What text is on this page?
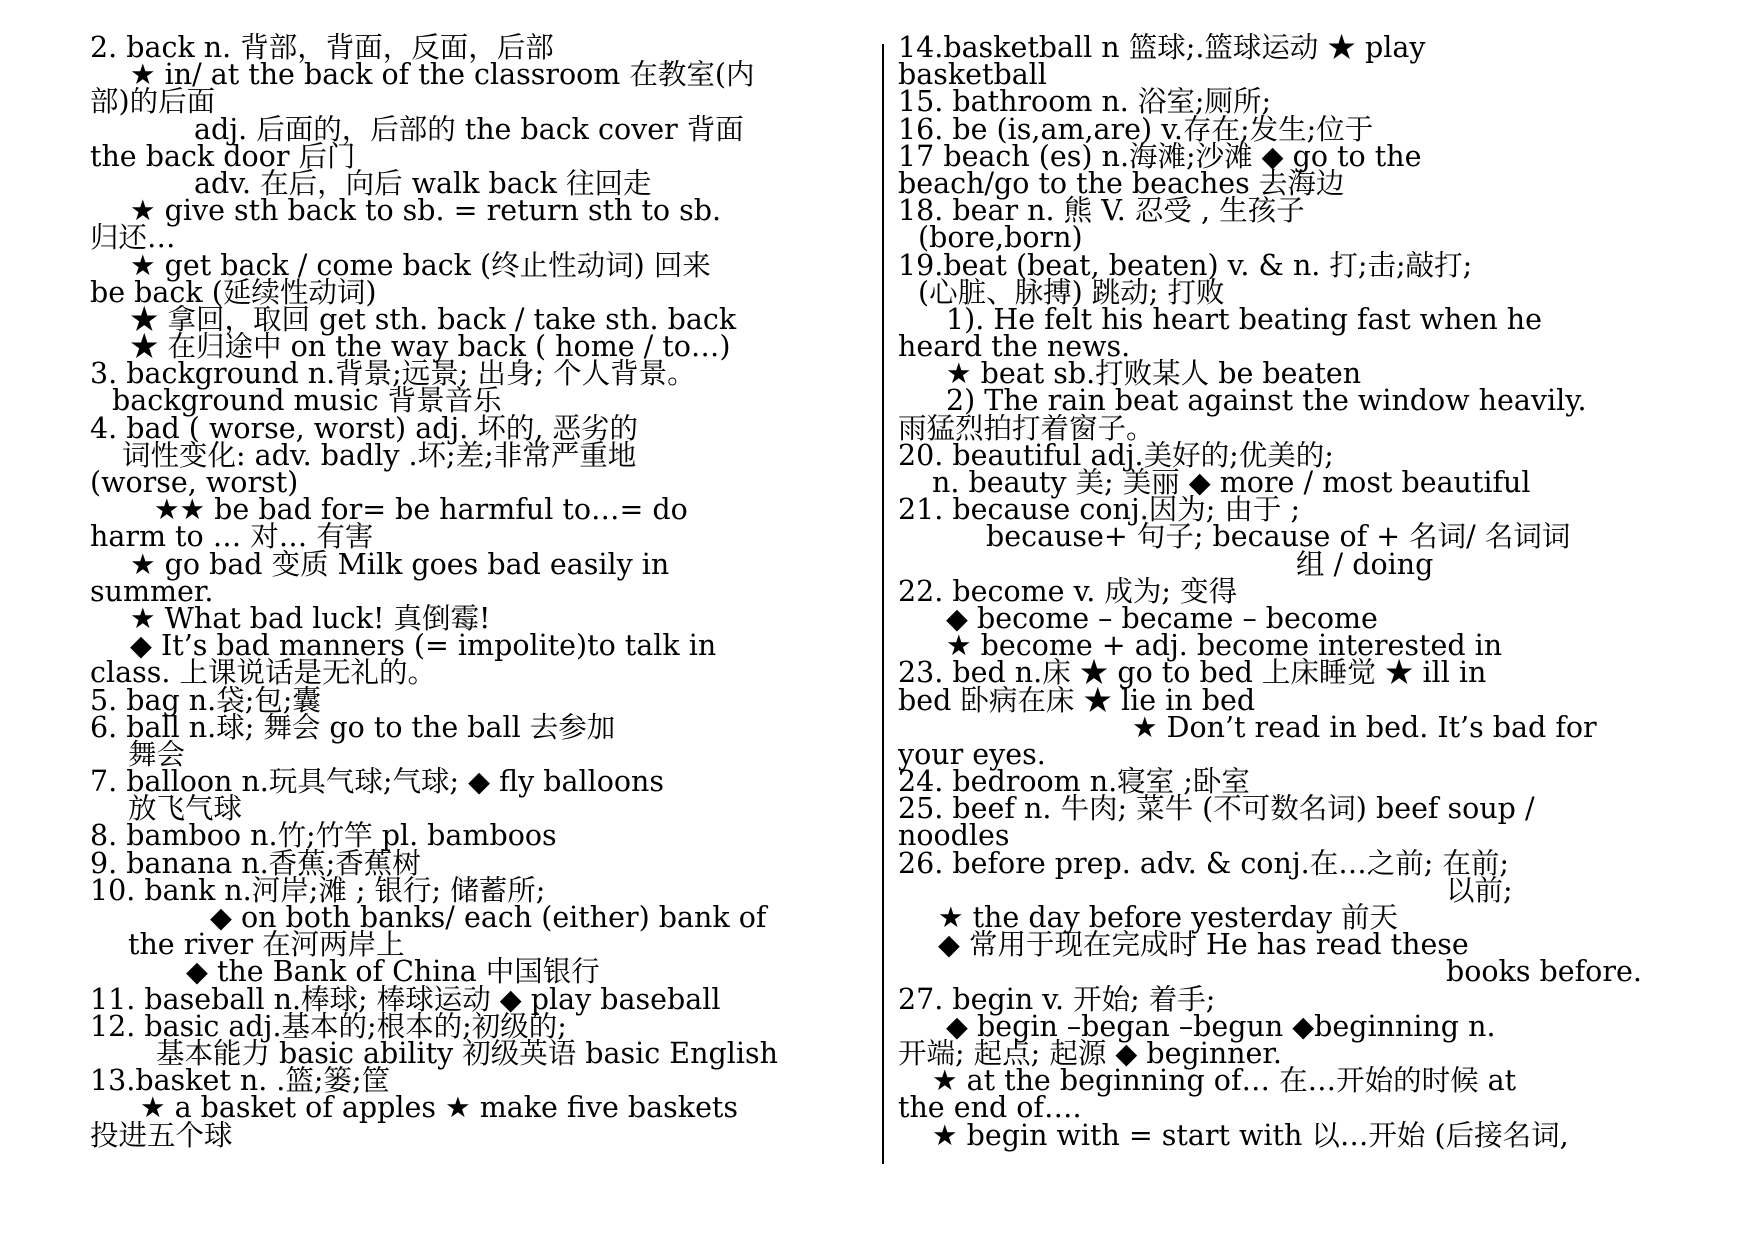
2. back n. 背部，背面，反面，后部
★ in/ at the back of the classroom 在教室(内
部)的后面
adj. 后面的，后部的 the back cover 背面
the back door 后门
adv. 在后，向后 walk back 往回走
★ give sth back to sb. = return sth to sb.
归还…
★ get back / come back (终止性动词) 回来
be back (延续性动词)
★ 拿回，取回 get sth. back / take sth. back
★ 在归途中 on the way back ( home / to…)
3. background n.背景;远景; 出身; 个人背景。
background music 背景音乐
4. bad ( worse, worst) adj. 坏的, 恶劣的
词性变化: adv. badly .坏;差;非常严重地
(worse, worst)
★★ be bad for= be harmful to…= do
harm to … 对… 有害
★ go bad 变质 Milk goes bad easily in
summer.
★ What bad luck! 真倒霉!
◆ It’s bad manners (= impolite)to talk in
class. 上课说话是无礼的。
5. bag n.袋;包;囊
6. ball n.球; 舞会 go to the ball 去参加
舞会
7. balloon n.玩具气球;气球; ◆ fly balloons
放飞气球
8. bamboo n.竹;竹竿 pl. bamboos
9. banana n.香蕉;香蕉树
10. bank n.河岸;滩 ; 银行; 储蓄所;
◆ on both banks/ each (either) bank of
the river 在河两岸上
◆ the Bank of China 中国银行
11. baseball n.棒球; 棒球运动 ◆ play baseball
12. basic adj.基本的;根本的;初级的;
基本能力 basic ability 初级英语 basic English
13.basket n. .篮;篓;筐
★ a basket of apples ★ make five baskets
投进五个球
14.basketball n 篮球;.篮球运动 ★ play
basketball
15. bathroom n. 浴室;厕所;
16. be (is,am,are) v.存在;发生;位于
17 beach (es) n.海滩;沙滩 ◆ go to the
beach/go to the beaches 去海边
18. bear n. 熊 V. 忍受 , 生孩子
(bore,born)
19.beat (beat, beaten) v. & n. 打;击;敲打;
(心脏、脉搏) 跳动; 打败
1). He felt his heart beating fast when he
heard the news.
★ beat sb.打败某人 be beaten
2) The rain beat against the window heavily.
雨猛烈拍打着窗子。
20. beautiful adj.美好的;优美的;
n. beauty 美; 美丽 ◆ more / most beautiful
21. because conj.因为; 由于 ;
because+ 句子; because of + 名词/ 名词词
组 / doing
22. become v. 成为; 变得
◆ become – became – become
★ become + adj. become interested in
23. bed n.床 ★ go to bed 上床睡觉 ★ ill in
bed 卧病在床 ★ lie in bed
★ Don’t read in bed. It’s bad for
your eyes.
24. bedroom n.寝室 ;卧室
25. beef n. 牛肉; 菜牛 (不可数名词) beef soup /
noodles
26. before prep. adv. & conj.在…之前; 在前;
以前;
★ the day before yesterday 前天
◆ 常用于现在完成时 He has read these
books before.
27. begin v. 开始; 着手;
◆ begin –began –begun ◆beginning n.
开端; 起点; 起源 ◆ beginner.
★ at the beginning of… 在…开始的时候 at
the end of….
★ begin with = start with 以…开始 (后接名词,
